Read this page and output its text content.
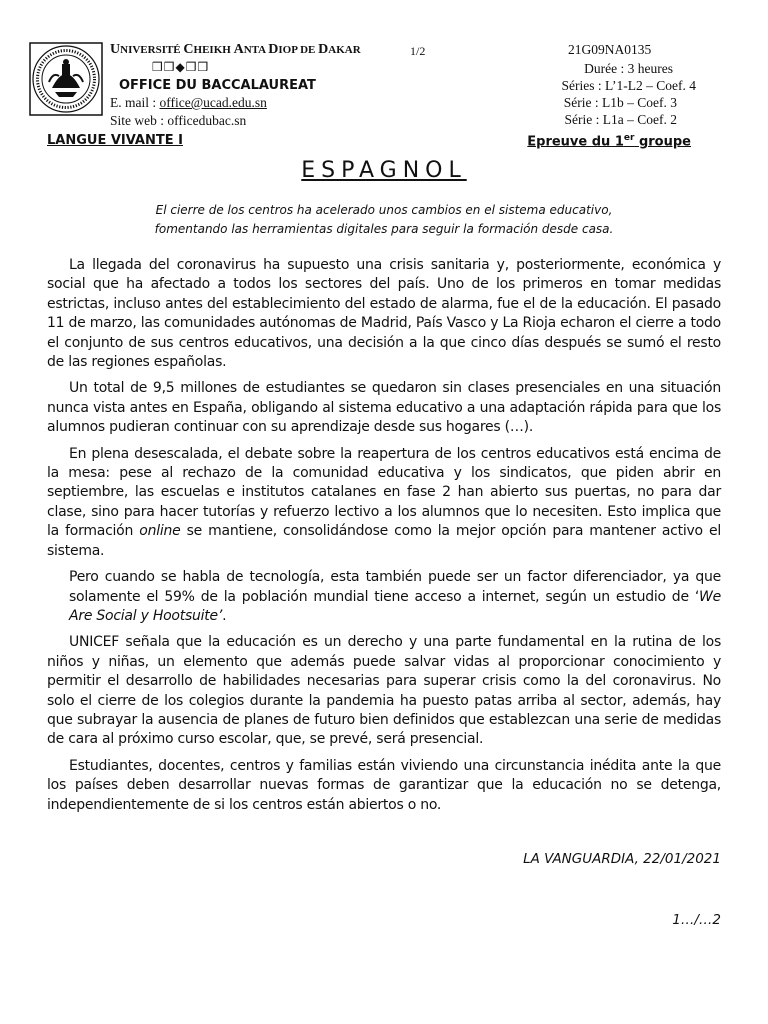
UNIVERSITÉ CHEIKH ANTA DIOP DE DAKAR	1/2
❒❒◆❒❒
OFFICE DU BACCALAUREAT
E. mail : office@ucad.edu.sn
Site web : officedubac.sn
21G09NA0135
Durée : 3 heures
Séries : L’1-L2 – Coef. 4
Série : L1b – Coef. 3
Série : L1a – Coef. 2
LANGUE VIVANTE I	Epreuve du 1er groupe
ESPAGNOL
El cierre de los centros ha acelerado unos cambios en el sistema educativo,
fomentando las herramientas digitales para seguir la formación desde casa.

La llegada del coronavirus ha supuesto una crisis sanitaria y, posteriormente, económica y social que ha afectado a todos los sectores del país. Uno de los primeros en tomar medidas estrictas, incluso antes del establecimiento del estado de alarma, fue el de la educación. El pasado 11 de marzo, las comunidades autónomas de Madrid, País Vasco y La Rioja echaron el cierre a todo el conjunto de sus centros educativos, una decisión a la que cinco días después se sumó el resto de las regiones españolas.

Un total de 9,5 millones de estudiantes se quedaron sin clases presenciales en una situación nunca vista antes en España, obligando al sistema educativo a una adaptación rápida para que los alumnos pudieran continuar con su aprendizaje desde sus hogares (…).

En plena desescalada, el debate sobre la reapertura de los centros educativos está encima de la mesa: pese al rechazo de la comunidad educativa y los sindicatos, que piden abrir en septiembre, las escuelas e institutos catalanes en fase 2 han abierto sus puertas, no para dar clase, sino para hacer tutorías y refuerzo lectivo a los alumnos que lo necesiten. Esto implica que la formación online se mantiene, consolidándose como la mejor opción para mantener activo el sistema.

Pero cuando se habla de tecnología, esta también puede ser un factor diferenciador, ya que solamente el 59% de la población mundial tiene acceso a internet, según un estudio de ‘We Are Social y Hootsuite’.

UNICEF señala que la educación es un derecho y una parte fundamental en la rutina de los niños y niñas, un elemento que además puede salvar vidas al proporcionar conocimiento y permitir el desarrollo de habilidades necesarias para superar crisis como la del coronavirus. No solo el cierre de los colegios durante la pandemia ha puesto patas arriba al sector, además, hay que subrayar la ausencia de planes de futuro bien definidos que establezcan una serie de medidas de cara al próximo curso escolar, que, se prevé, será presencial.

Estudiantes, docentes, centros y familias están viviendo una circunstancia inédita ante la que los países deben desarrollar nuevas formas de garantizar que la educación no se detenga, independientemente de si los centros están abiertos o no.

LA VANGUARDIA, 22/01/2021
1…/…2
